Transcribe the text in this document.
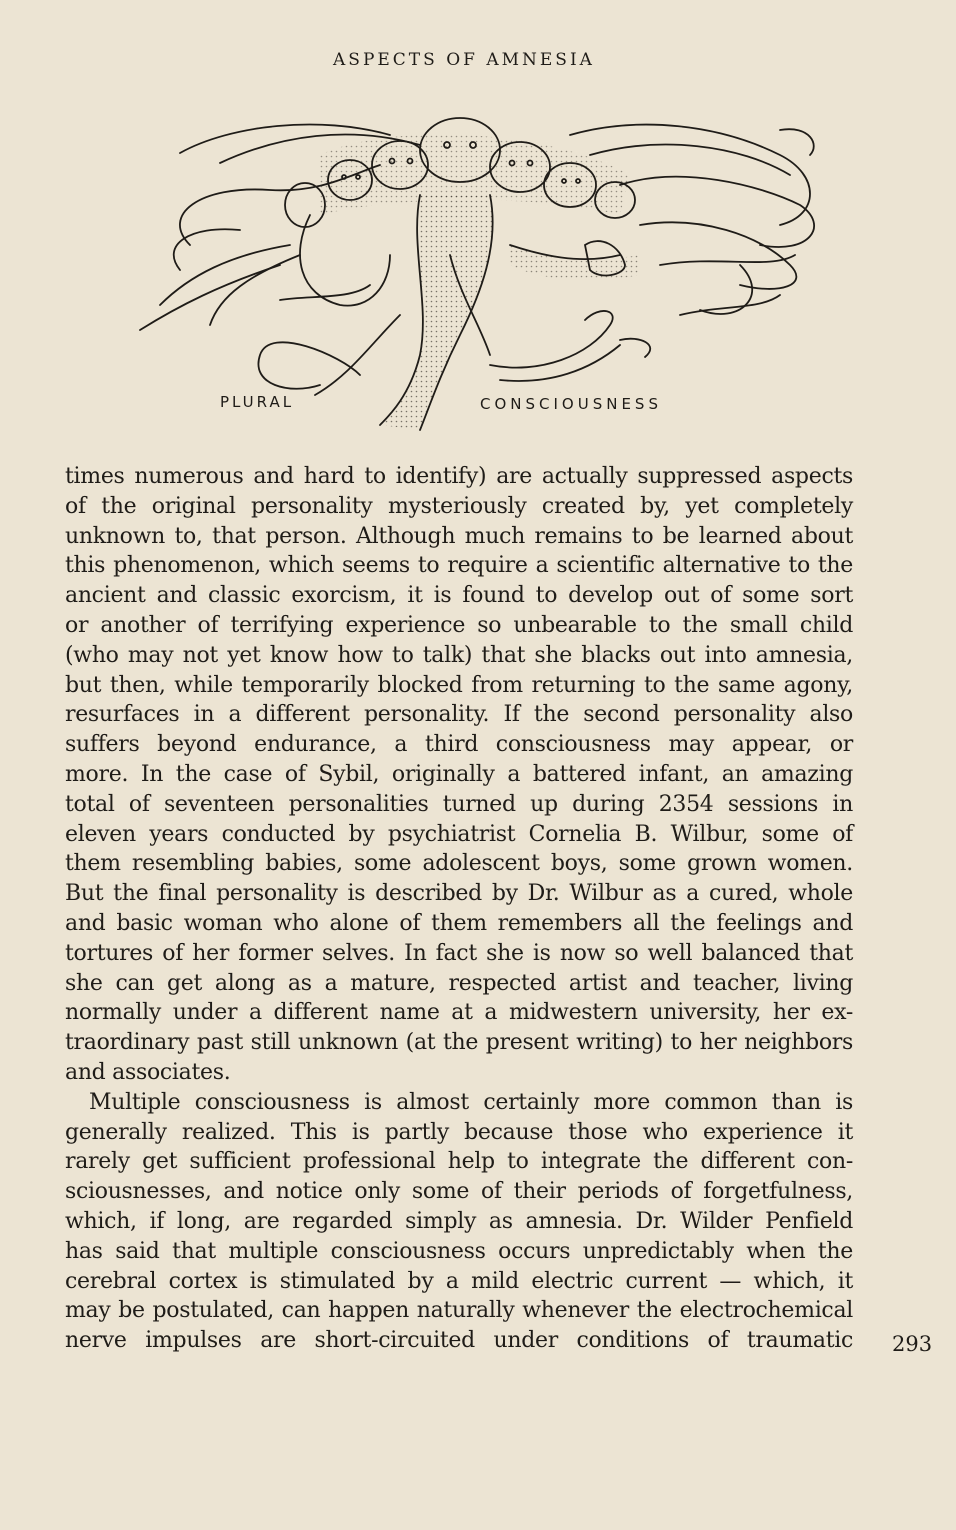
ASPECTS OF AMNESIA
PLURAL	CONSCIOUSNESS
times numerous and hard to identify) are actually suppressed aspects
of the original personality mysteriously created by, yet completely
unknown to, that person. Although much remains to be learned about
this phenomenon, which seems to require a scientific alternative to the
ancient and classic exorcism, it is found to develop out of some sort
or another of terrifying experience so unbearable to the small child
(who may not yet know how to talk) that she blacks out into amnesia,
but then, while temporarily blocked from returning to the same agony,
resurfaces in a different personality. If the second personality also
suffers beyond endurance, a third consciousness may appear, or
more. In the case of Sybil, originally a battered infant, an amazing
total of seventeen personalities turned up during 2354 sessions in
eleven years conducted by psychiatrist Cornelia B. Wilbur, some of
them resembling babies, some adolescent boys, some grown women.
But the final personality is described by Dr. Wilbur as a cured, whole
and basic woman who alone of them remembers all the feelings and
tortures of her former selves. In fact she is now so well balanced that
she can get along as a mature, respected artist and teacher, living
normally under a different name at a midwestern university, her ex-
traordinary past still unknown (at the present writing) to her neighbors
and associates.
Multiple consciousness is almost certainly more common than is
generally realized. This is partly because those who experience it
rarely get sufficient professional help to integrate the different con-
sciousnesses, and notice only some of their periods of forgetfulness,
which, if long, are regarded simply as amnesia. Dr. Wilder Penfield
has said that multiple consciousness occurs unpredictably when the
cerebral cortex is stimulated by a mild electric current — which, it
may be postulated, can happen naturally whenever the electrochemical
nerve impulses are short-circuited under conditions of traumatic 293
